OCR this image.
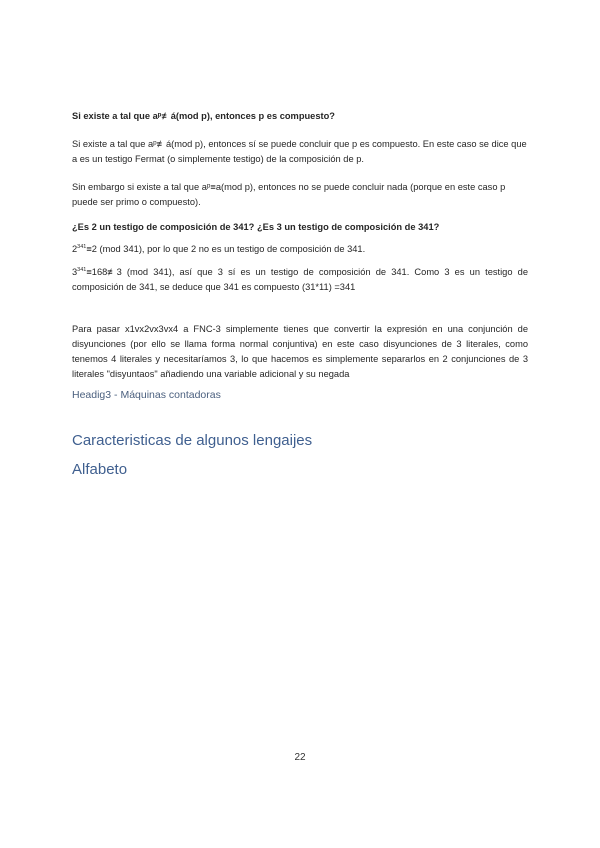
Si existe a tal que aᵖ≢á(mod p), entonces p es compuesto?
Si existe a tal que aᵖ≢á(mod p), entonces sí se puede concluir que p es compuesto. En este caso se dice que a es un testigo Fermat (o simplemente testigo) de la composición de p.
Sin embargo si existe a tal que aᵖ≡a(mod p), entonces no se puede concluir nada (porque en este caso p puede ser primo o compuesto).
¿Es 2 un testigo de composición de 341? ¿Es 3 un testigo de composición de 341?
$2^{341}\equiv 2$ (mod 341), por lo que 2 no es un testigo de composición de 341.
$3^{341}\equiv 168≢3$ (mod 341), así que 3 sí es un testigo de composición de 341. Como 3 es un testigo de composición de 341, se deduce que 341 es compuesto (31*11) =341
Para pasar x1vx2vx3vx4 a FNC-3 simplemente tienes que convertir la expresión en una conjunción de disyunciones (por ello se llama forma normal conjuntiva) en este caso disyunciones de 3 literales, como tenemos 4 literales y necesitaríamos 3, lo que hacemos es simplemente separarlos en 2 conjunciones de 3 literales "disyuntaos" añadiendo una variable adicional y su negada
Headig3 - Máquinas contadoras
Caracteristicas de algunos lengaijes
Alfabeto
22
